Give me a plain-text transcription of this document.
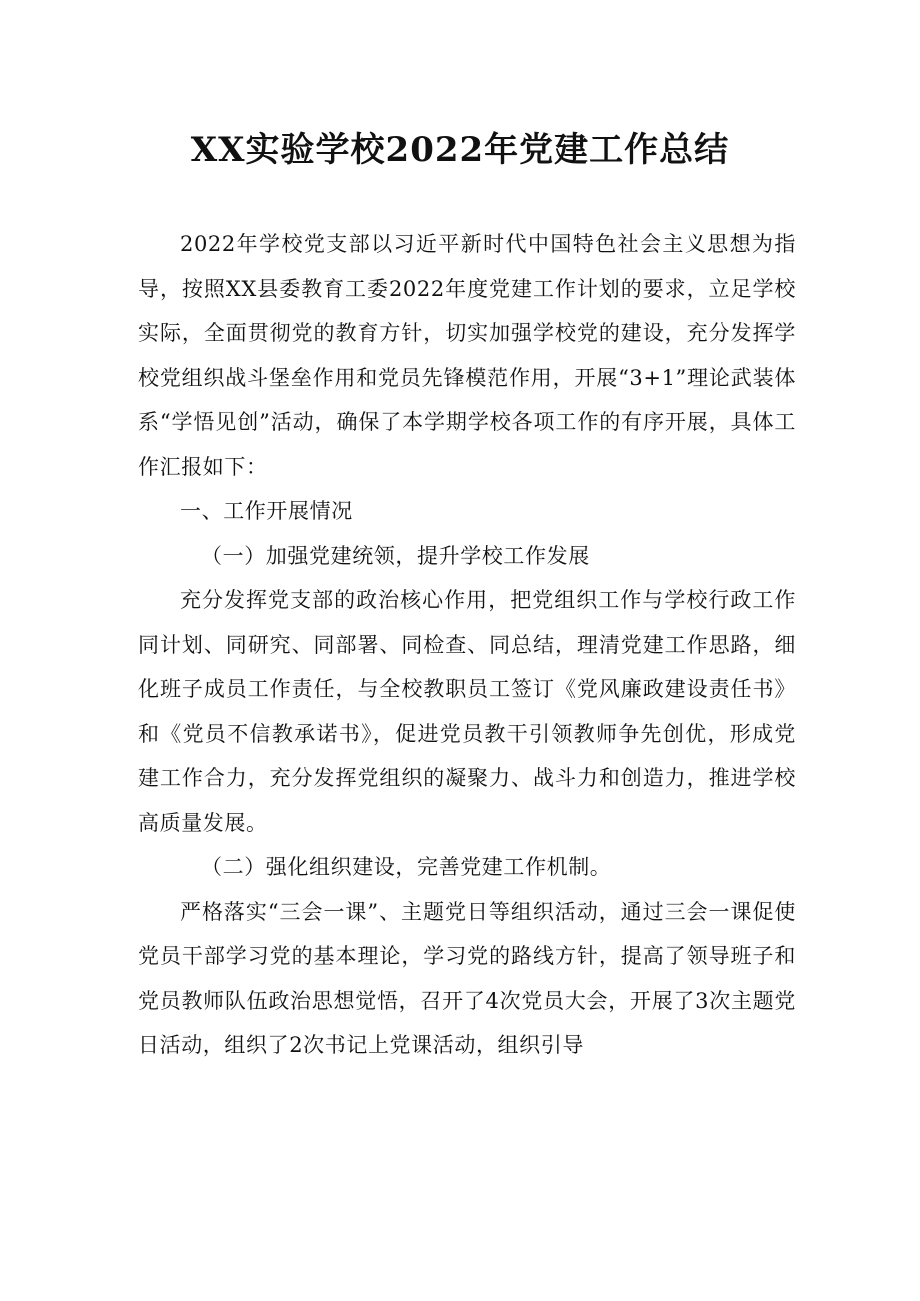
XX实验学校2022年党建工作总结

2022年学校党支部以习近平新时代中国特色社会主义思想为指导，按照XX县委教育工委2022年度党建工作计划的要求，立足学校实际，全面贯彻党的教育方针，切实加强学校党的建设，充分发挥学校党组织战斗堡垒作用和党员先锋模范作用，开展“3+1”理论武装体系“学悟见创”活动，确保了本学期学校各项工作的有序开展，具体工作汇报如下：

一、工作开展情况

（一）加强党建统领，提升学校工作发展

充分发挥党支部的政治核心作用，把党组织工作与学校行政工作同计划、同研究、同部署、同检查、同总结，理清党建工作思路，细化班子成员工作责任，与全校教职员工签订《党风廉政建设责任书》和《党员不信教承诺书》，促进党员教干引领教师争先创优，形成党建工作合力，充分发挥党组织的凝聚力、战斗力和创造力，推进学校高质量发展。

（二）强化组织建设，完善党建工作机制。

严格落实“三会一课”、主题党日等组织活动，通过三会一课促使党员干部学习党的基本理论，学习党的路线方针，提高了领导班子和党员教师队伍政治思想觉悟，召开了4次党员大会，开展了3次主题党日活动，组织了2次书记上党课活动，组织引导
